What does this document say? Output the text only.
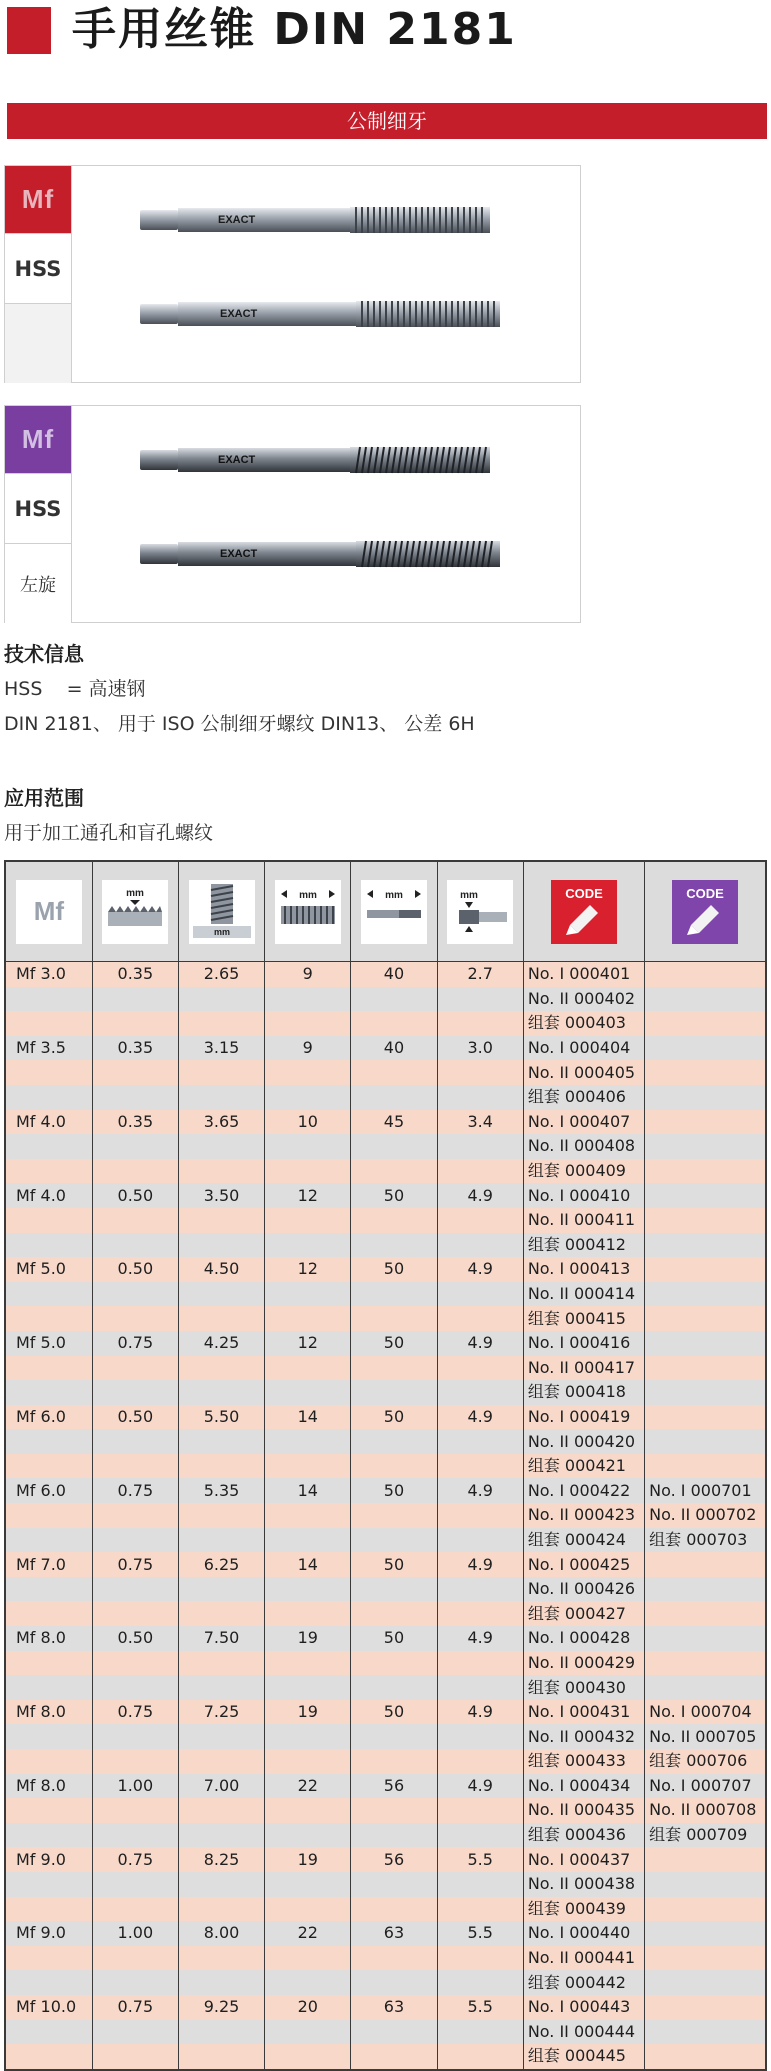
手用丝锥 DIN 2181
公制细牙
Mf
HSS
EXACT
EXACT
Mf
HSS
左旋
EXACT
EXACT
技术信息
HSS    = 高速钢
DIN 2181、 用于 ISO 公制细牙螺纹 DIN13、 公差 6H
应用范围
用于加工通孔和盲孔螺纹
Mf	mm	mm	mm	mm	mm	CODE	CODE

Mf 3.0	0.35	2.65	9	40	2.7	No. I 000401	
						No. II 000402	
						组套 000403	
Mf 3.5	0.35	3.15	9	40	3.0	No. I 000404	
						No. II 000405	
						组套 000406	
Mf 4.0	0.35	3.65	10	45	3.4	No. I 000407	
						No. II 000408	
						组套 000409	
Mf 4.0	0.50	3.50	12	50	4.9	No. I 000410	
						No. II 000411	
						组套 000412	
Mf 5.0	0.50	4.50	12	50	4.9	No. I 000413	
						No. II 000414	
						组套 000415	
Mf 5.0	0.75	4.25	12	50	4.9	No. I 000416	
						No. II 000417	
						组套 000418	
Mf 6.0	0.50	5.50	14	50	4.9	No. I 000419	
						No. II 000420	
						组套 000421	
Mf 6.0	0.75	5.35	14	50	4.9	No. I 000422	No. I 000701
						No. II 000423	No. II 000702
						组套 000424	组套 000703
Mf 7.0	0.75	6.25	14	50	4.9	No. I 000425	
						No. II 000426	
						组套 000427	
Mf 8.0	0.50	7.50	19	50	4.9	No. I 000428	
						No. II 000429	
						组套 000430	
Mf 8.0	0.75	7.25	19	50	4.9	No. I 000431	No. I 000704
						No. II 000432	No. II 000705
						组套 000433	组套 000706
Mf 8.0	1.00	7.00	22	56	4.9	No. I 000434	No. I 000707
						No. II 000435	No. II 000708
						组套 000436	组套 000709
Mf 9.0	0.75	8.25	19	56	5.5	No. I 000437	
						No. II 000438	
						组套 000439	
Mf 9.0	1.00	8.00	22	63	5.5	No. I 000440	
						No. II 000441	
						组套 000442	
Mf 10.0	0.75	9.25	20	63	5.5	No. I 000443	
						No. II 000444	
						组套 000445	
